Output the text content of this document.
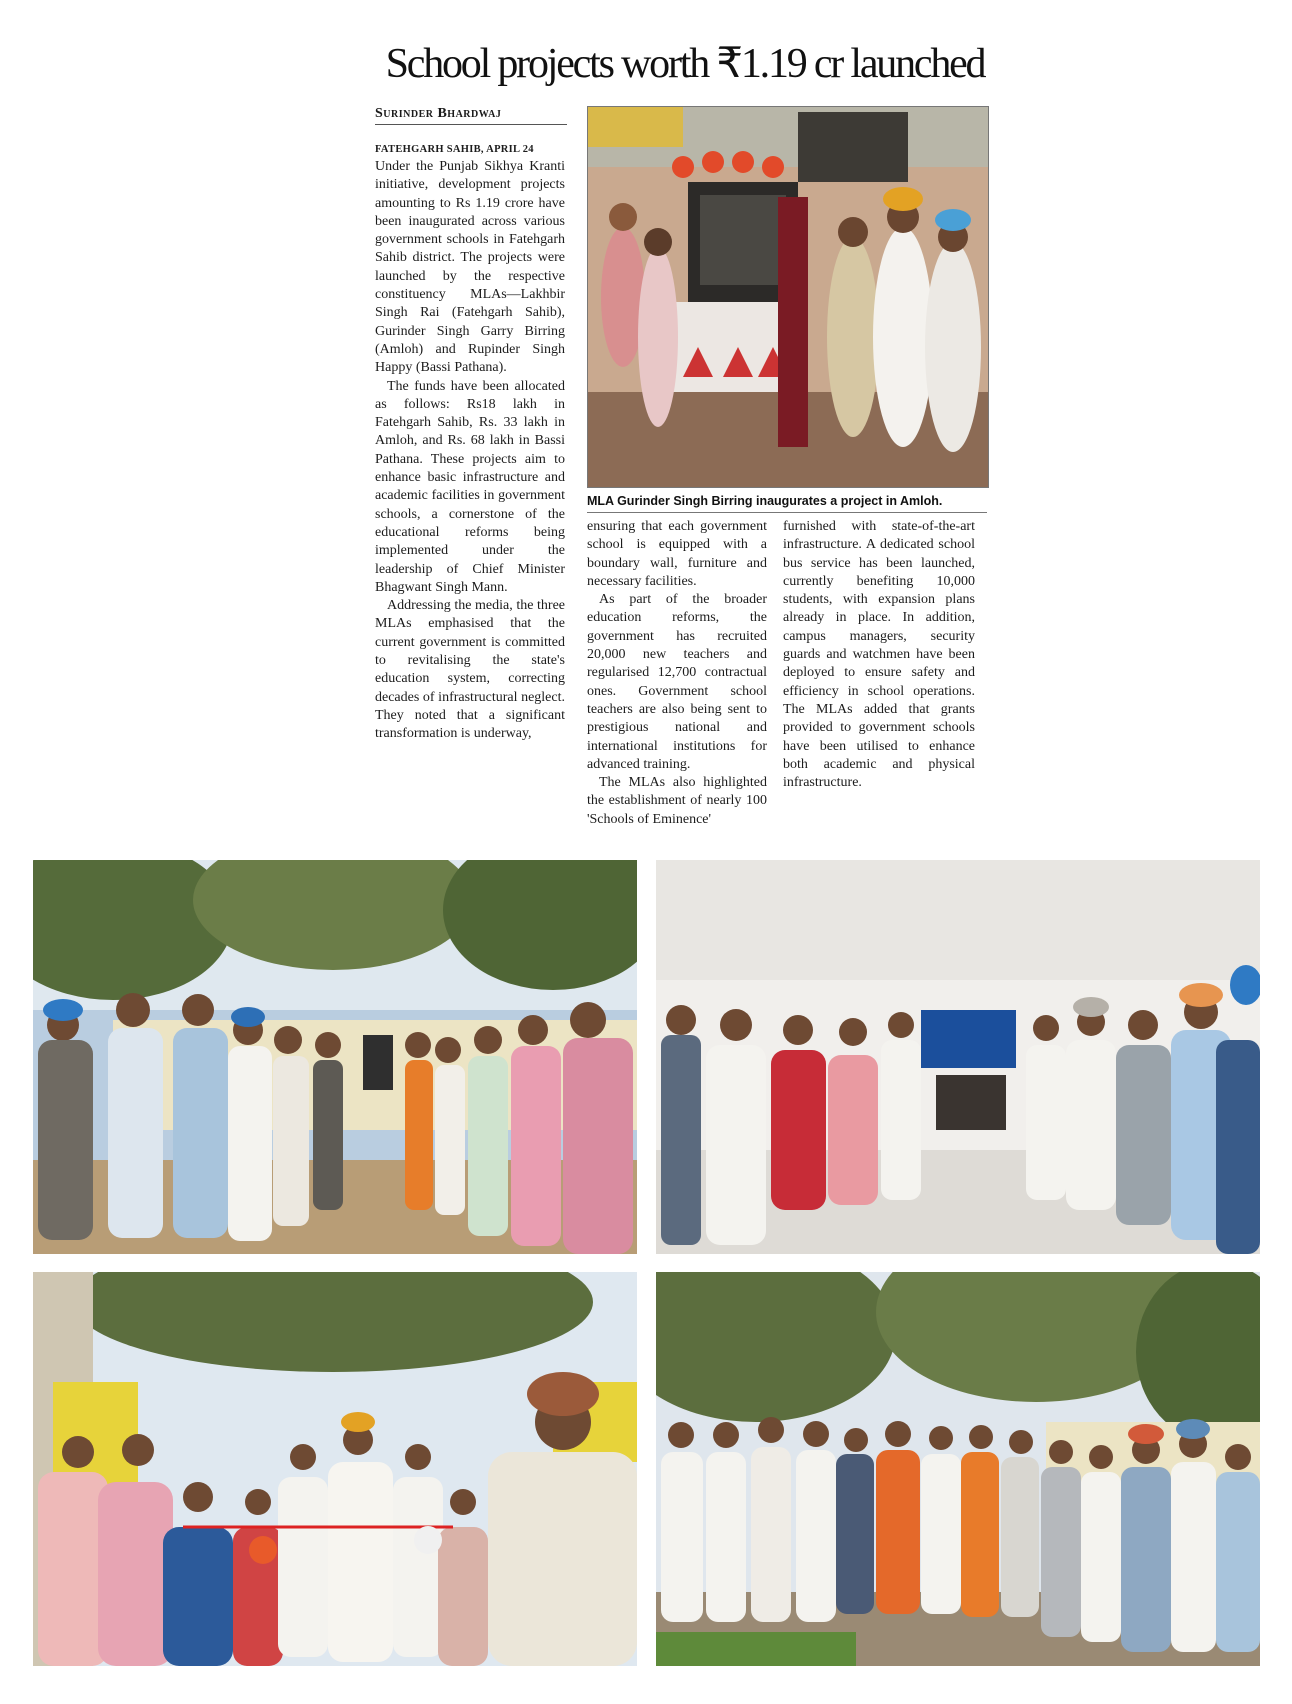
School projects worth ₹1.19 cr launched
Surinder Bhardwaj
FATEHGARH SAHIB, APRIL 24

Under the Punjab Sikhya Kranti initiative, development projects amounting to Rs 1.19 crore have been inaugurated across various government schools in Fatehgarh Sahib district. The projects were launched by the respective constituency MLAs—Lakhbir Singh Rai (Fatehgarh Sahib), Gurinder Singh Garry Birring (Amloh) and Rupinder Singh Happy (Bassi Pathana).

The funds have been allocated as follows: Rs18 lakh in Fatehgarh Sahib, Rs. 33 lakh in Amloh, and Rs. 68 lakh in Bassi Pathana. These projects aim to enhance basic infrastructure and academic facilities in government schools, a cornerstone of the educational reforms being implemented under the leadership of Chief Minister Bhagwant Singh Mann.

Addressing the media, the three MLAs emphasised that the current government is committed to revitalising the state's education system, correcting decades of infrastructural neglect. They noted that a significant transformation is underway,

MLA Gurinder Singh Birring inaugurates a project in Amloh.

ensuring that each government school is equipped with a boundary wall, furniture and necessary facilities.

As part of the broader education reforms, the government has recruited 20,000 new teachers and regularised 12,700 contractual ones. Government school teachers are also being sent to prestigious national and international institutions for advanced training.

The MLAs also highlighted the establishment of nearly 100 'Schools of Eminence'

furnished with state-of-the-art infrastructure. A dedicated school bus service has been launched, currently benefiting 10,000 students, with expansion plans already in place. In addition, campus managers, security guards and watchmen have been deployed to ensure safety and efficiency in school operations. The MLAs added that grants provided to government schools have been utilised to enhance both academic and physical infrastructure.
